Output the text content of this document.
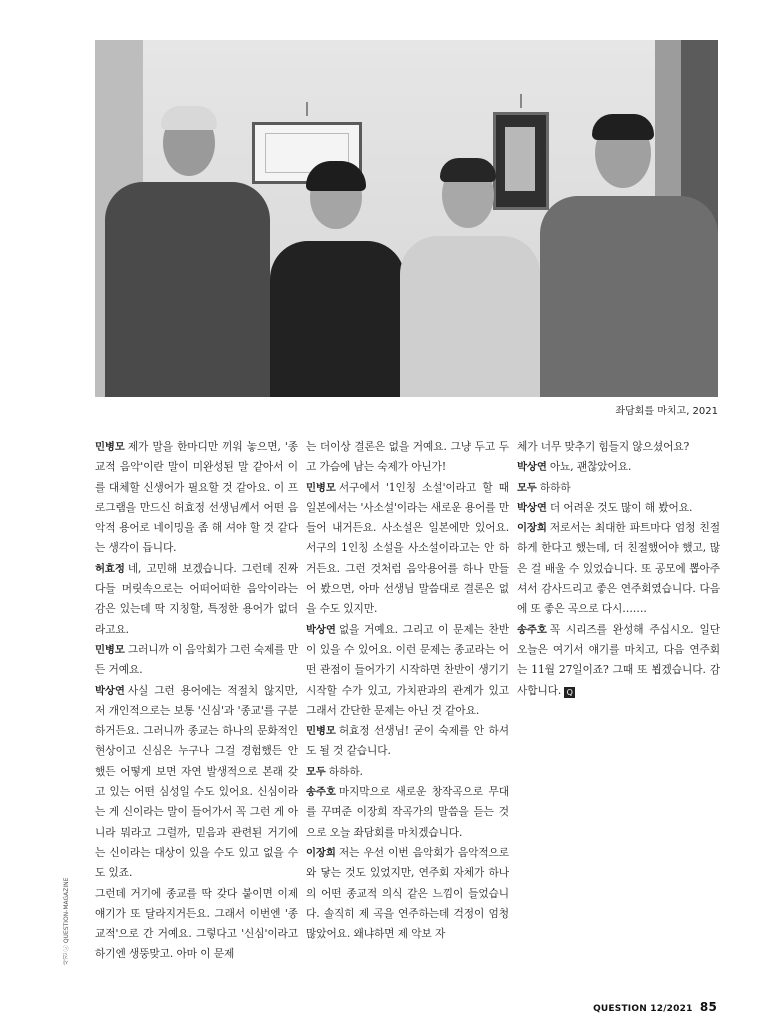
좌담회를 마치고, 2021

민병모 제가 말을 한마디만 끼워 놓으면, '종교적 음악'이란 말이 미완성된 말 같아서 이를 대체할 신생어가 필요할 것 같아요. 이 프로그램을 만드신 허효정 선생님께서 어떤 음악적 용어로 네이밍을 좀 해 셔야 할 것 같다는 생각이 듭니다.

허효정 네, 고민해 보겠습니다. 그런데 진짜 다들 머릿속으로는 어떠어떠한 음악이라는 감은 있는데 딱 지칭할, 특정한 용어가 없더라고요.

민병모 그러니까 이 음악회가 그런 숙제를 만든 거예요.

박상연 사실 그런 용어에는 적절치 않지만, 저 개인적으로는 보통 '신심'과 '종교'를 구분하거든요. 그러니까 종교는 하나의 문화적인 현상이고 신심은 누구나 그걸 경험했든 안 했든 어떻게 보면 자연 발생적으로 본래 갖고 있는 어떤 심성일 수도 있어요. 신심이라는 게 신이라는 말이 들어가서 꼭 그런 게 아니라 뭐라고 그럴까, 믿음과 관련된 거기에는 신이라는 대상이 있을 수도 있고 없을 수도 있죠.

그런데 거기에 종교를 딱 갖다 붙이면 이제 얘기가 또 달라지거든요. 그래서 이번엔 '종교적'으로 간 거예요. 그렇다고 '신심'이라고 하기엔 생뚱맞고. 아마 이 문제

는 더이상 결론은 없을 거예요. 그냥 두고 두고 가슴에 남는 숙제가 아닌가!

민병모 서구에서 '1인칭 소설'이라고 할 때 일본에서는 '사소설'이라는 새로운 용어를 만들어 내거든요. 사소설은 일본에만 있어요. 서구의 1인칭 소설을 사소설이라고는 안 하거든요. 그런 것처럼 음악용어를 하나 만들어 봤으면, 아마 선생님 말씀대로 결론은 없을 수도 있지만.

박상연 없을 거예요. 그리고 이 문제는 찬반이 있을 수 있어요. 이런 문제는 종교라는 어떤 관점이 들어가기 시작하면 찬반이 생기기 시작할 수가 있고, 가치판과의 관계가 있고 그래서 간단한 문제는 아닌 것 같아요.

민병모 허효정 선생님! 굳이 숙제를 안 하셔도 될 것 같습니다.

모두 하하하.

송주호 마지막으로 새로운 창작곡으로 무대를 꾸며준 이장희 작곡가의 말씀을 듣는 것으로 오늘 좌담회를 마치겠습니다.

이장희 저는 우선 이번 음악회가 음악적으로 와 닿는 것도 있었지만, 연주회 자체가 하나의 어떤 종교적 의식 같은 느낌이 들었습니다. 솔직히 제 곡을 연주하는데 걱정이 엄청 많았어요. 왜냐하면 제 악보 자

체가 너무 맞추기 힘들지 않으셨어요?

박상연 아뇨, 괜찮았어요.

모두 하하하

박상연 더 어려운 것도 많이 해 봤어요.

이장희 저로서는 최대한 파트마다 엄청 친절하게 한다고 했는데, 더 친절했어야 했고, 많은 걸 배울 수 있었습니다. 또 공모에 뽑아주셔서 감사드리고 좋은 연주회였습니다. 다음에 또 좋은 곡으로 다시…….

송주호 꼭 시리즈를 완성해 주십시오. 일단 오늘은 여기서 얘기를 마치고, 다음 연주회는 11월 27일이죠? 그때 또 뵙겠습니다. 감사합니다. Q

사진 ⓒ QUESTION-MAGAZINE
QUESTION 12/2021 85
